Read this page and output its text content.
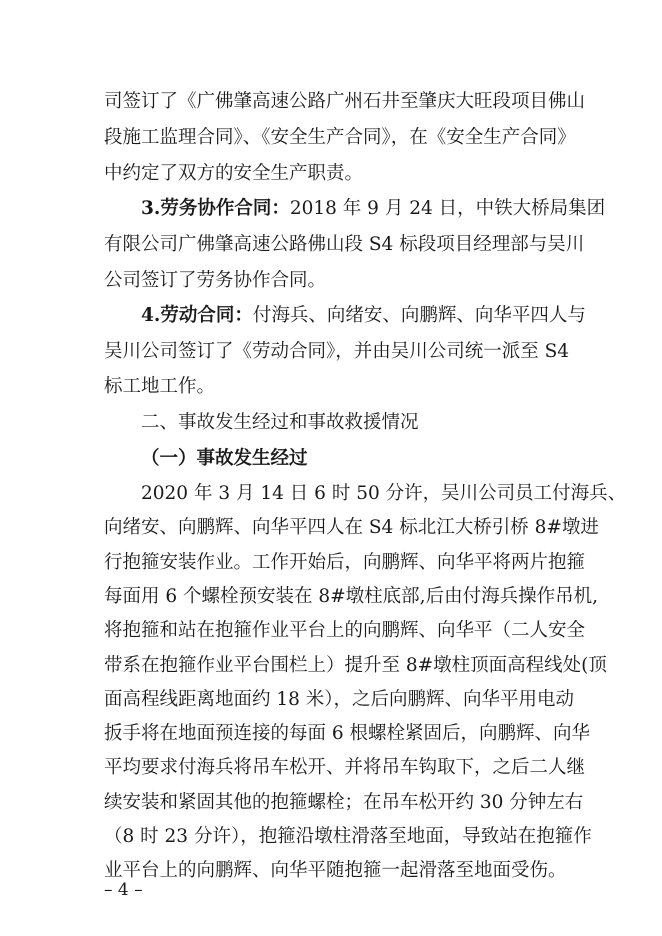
司签订了《广佛肇高速公路广州石井至肇庆大旺段项目佛山
段施工监理合同》、《安全生产合同》，在《安全生产合同》
中约定了双方的安全生产职责。
3.劳务协作合同：2018 年 9 月 24 日，中铁大桥局集团
有限公司广佛肇高速公路佛山段 S4 标段项目经理部与吴川
公司签订了劳务协作合同。
4.劳动合同：付海兵、向绪安、向鹏辉、向华平四人与
吴川公司签订了《劳动合同》，并由吴川公司统一派至 S4
标工地工作。
二、事故发生经过和事故救援情况
（一）事故发生经过
2020 年 3 月 14 日 6 时 50 分许，吴川公司员工付海兵、
向绪安、向鹏辉、向华平四人在 S4 标北江大桥引桥 8#墩进
行抱箍安装作业。工作开始后，向鹏辉、向华平将两片抱箍
每面用 6 个螺栓预安装在 8#墩柱底部,后由付海兵操作吊机,
将抱箍和站在抱箍作业平台上的向鹏辉、向华平（二人安全
带系在抱箍作业平台围栏上）提升至 8#墩柱顶面高程线处(顶
面高程线距离地面约 18 米），之后向鹏辉、向华平用电动
扳手将在地面预连接的每面 6 根螺栓紧固后，向鹏辉、向华
平均要求付海兵将吊车松开、并将吊车钩取下，之后二人继
续安装和紧固其他的抱箍螺栓；在吊车松开约 30 分钟左右
（8 时 23 分许），抱箍沿墩柱滑落至地面，导致站在抱箍作
– 4 –
业平台上的向鹏辉、向华平随抱箍一起滑落至地面受伤。
